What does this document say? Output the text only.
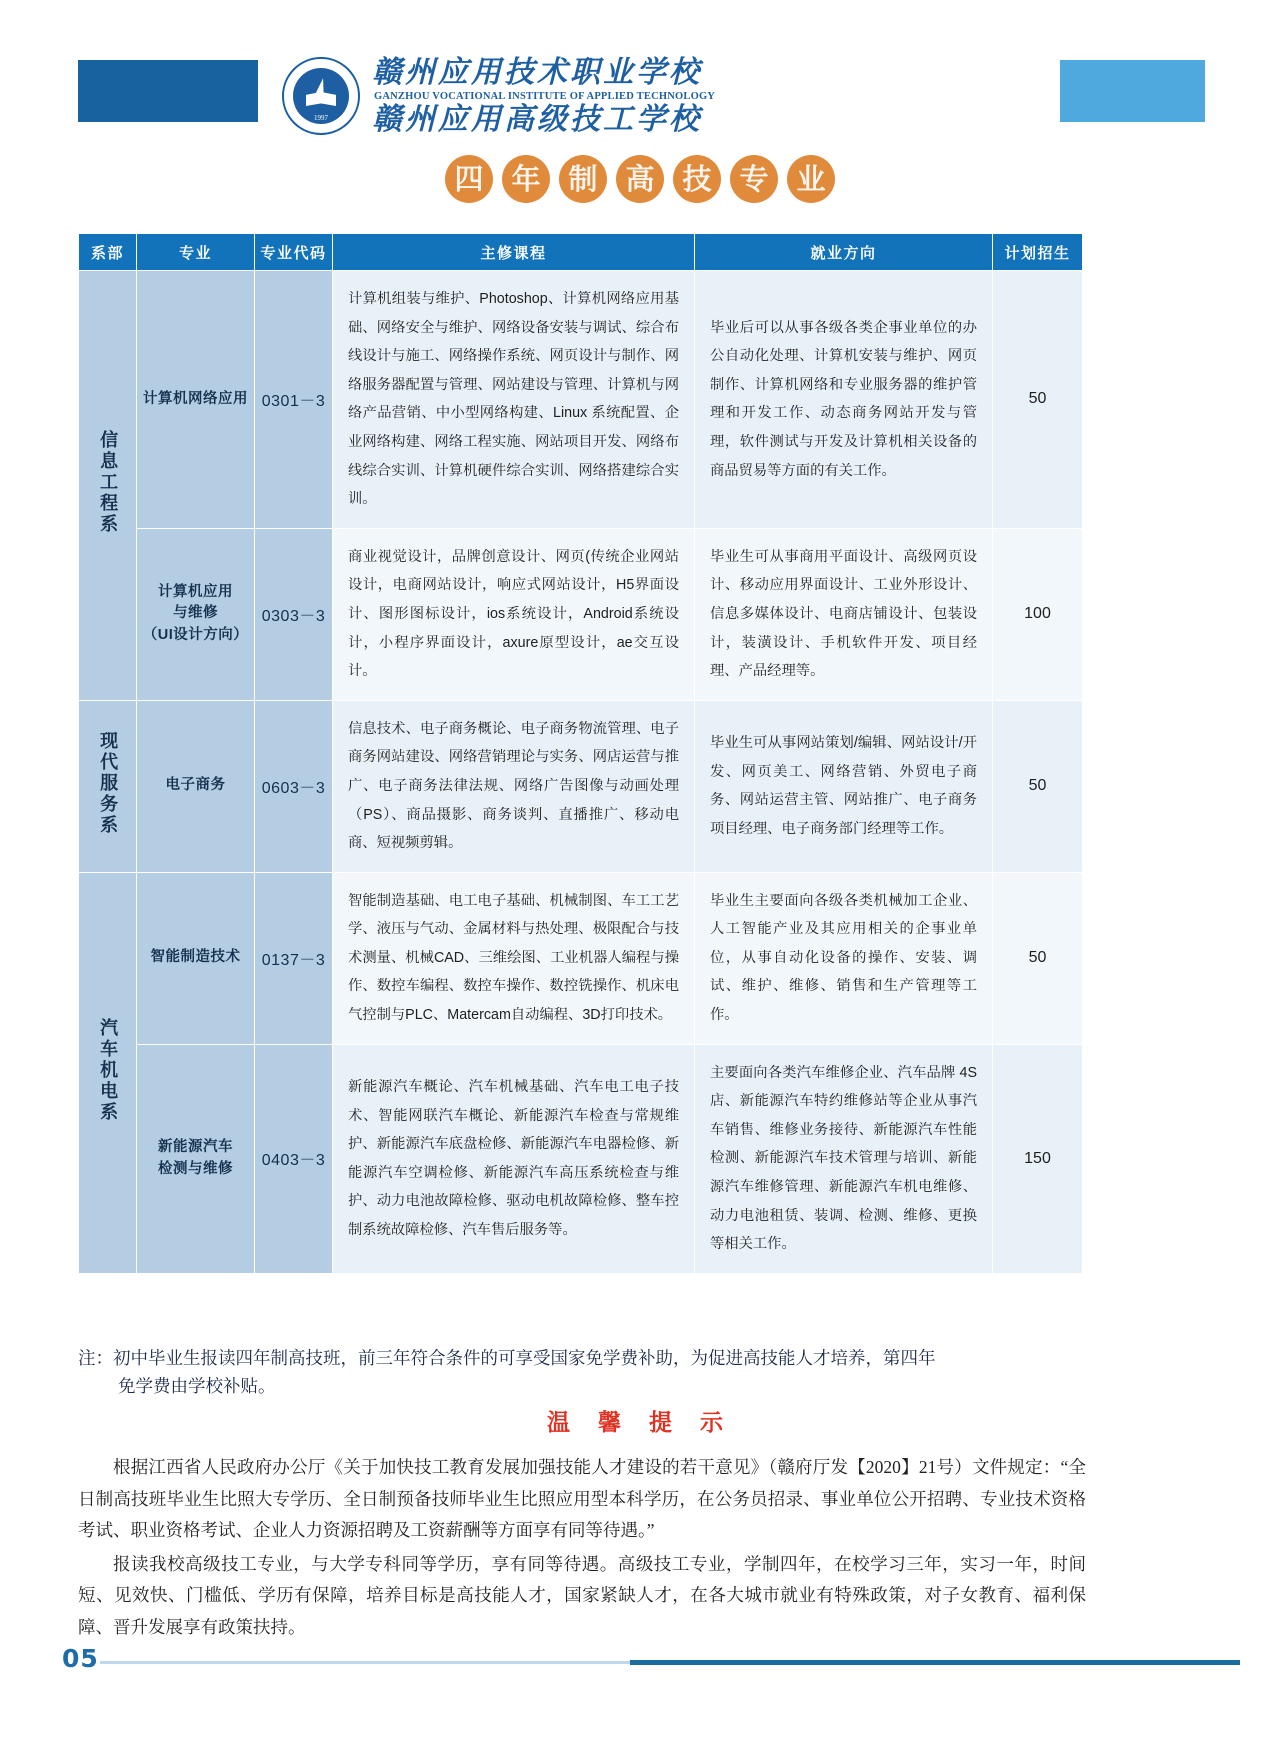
1997
赣州应用技术职业学校
GANZHOU VOCATIONAL INSTITUTE OF APPLIED TECHNOLOGY
赣州应用高级技工学校
四 年 制 高 技 专 业
系部	专业	专业代码	主修课程	就业方向	计划招生
信息工程系	计算机网络应用	0301－3	计算机组装与维护、Photoshop、计算机网络应用基础、网络安全与维护、网络设备安装与调试、综合布线设计与施工、网络操作系统、网页设计与制作、网络服务器配置与管理、网站建设与管理、计算机与网络产品营销、中小型网络构建、Linux 系统配置、企业网络构建、网络工程实施、网站项目开发、网络布线综合实训、计算机硬件综合实训、网络搭建综合实训。	毕业后可以从事各级各类企事业单位的办公自动化处理、计算机安装与维护、网页制作、计算机网络和专业服务器的维护管理和开发工作、动态商务网站开发与管理，软件测试与开发及计算机相关设备的商品贸易等方面的有关工作。	50
	计算机应用
与维修
（UI设计方向）	0303－3	商业视觉设计，品牌创意设计、网页(传统企业网站设计，电商网站设计，响应式网站设计，H5界面设计、图形图标设计，ios系统设计，Android系统设计，小程序界面设计，axure原型设计，ae交互设计。	毕业生可从事商用平面设计、高级网页设计、移动应用界面设计、工业外形设计、信息多媒体设计、电商店铺设计、包装设计，装潢设计、手机软件开发、项目经理、产品经理等。	100
现代服务系	电子商务	0603－3	信息技术、电子商务概论、电子商务物流管理、电子商务网站建设、网络营销理论与实务、网店运营与推广、电子商务法律法规、网络广告图像与动画处理（PS）、商品摄影、商务谈判、直播推广、移动电商、短视频剪辑。	毕业生可从事网站策划/编辑、网站设计/开发、网页美工、网络营销、外贸电子商务、网站运营主管、网站推广、电子商务项目经理、电子商务部门经理等工作。	50
汽车机电系	智能制造技术	0137－3	智能制造基础、电工电子基础、机械制图、车工工艺学、液压与气动、金属材料与热处理、极限配合与技术测量、机械CAD、三维绘图、工业机器人编程与操作、数控车编程、数控车操作、数控铣操作、机床电气控制与PLC、Matercam自动编程、3D打印技术。	毕业生主要面向各级各类机械加工企业、人工智能产业及其应用相关的企事业单位，从事自动化设备的操作、安装、调试、维护、维修、销售和生产管理等工作。	50
	新能源汽车
检测与维修	0403－3	新能源汽车概论、汽车机械基础、汽车电工电子技术、智能网联汽车概论、新能源汽车检查与常规维护、新能源汽车底盘检修、新能源汽车电器检修、新能源汽车空调检修、新能源汽车高压系统检查与维护、动力电池故障检修、驱动电机故障检修、整车控制系统故障检修、汽车售后服务等。	主要面向各类汽车维修企业、汽车品牌 4S 店、新能源汽车特约维修站等企业从事汽车销售、维修业务接待、新能源汽车性能检测、新能源汽车技术管理与培训、新能源汽车维修管理、新能源汽车机电维修、动力电池租赁、装调、检测、维修、更换等相关工作。	150
注：初中毕业生报读四年制高技班，前三年符合条件的可享受国家免学费补助，为促进高技能人才培养，第四年
免学费由学校补贴。
温 馨 提 示

根据江西省人民政府办公厅《关于加快技工教育发展加强技能人才建设的若干意见》（赣府厅发【2020】21号）文件规定：“全日制高技班毕业生比照大专学历、全日制预备技师毕业生比照应用型本科学历，在公务员招录、事业单位公开招聘、专业技术资格考试、职业资格考试、企业人力资源招聘及工资薪酬等方面享有同等待遇。”

报读我校高级技工专业，与大学专科同等学历，享有同等待遇。高级技工专业，学制四年，在校学习三年，实习一年，时间短、见效快、门槛低、学历有保障，培养目标是高技能人才，国家紧缺人才，在各大城市就业有特殊政策，对子女教育、福利保障、晋升发展享有政策扶持。

05
